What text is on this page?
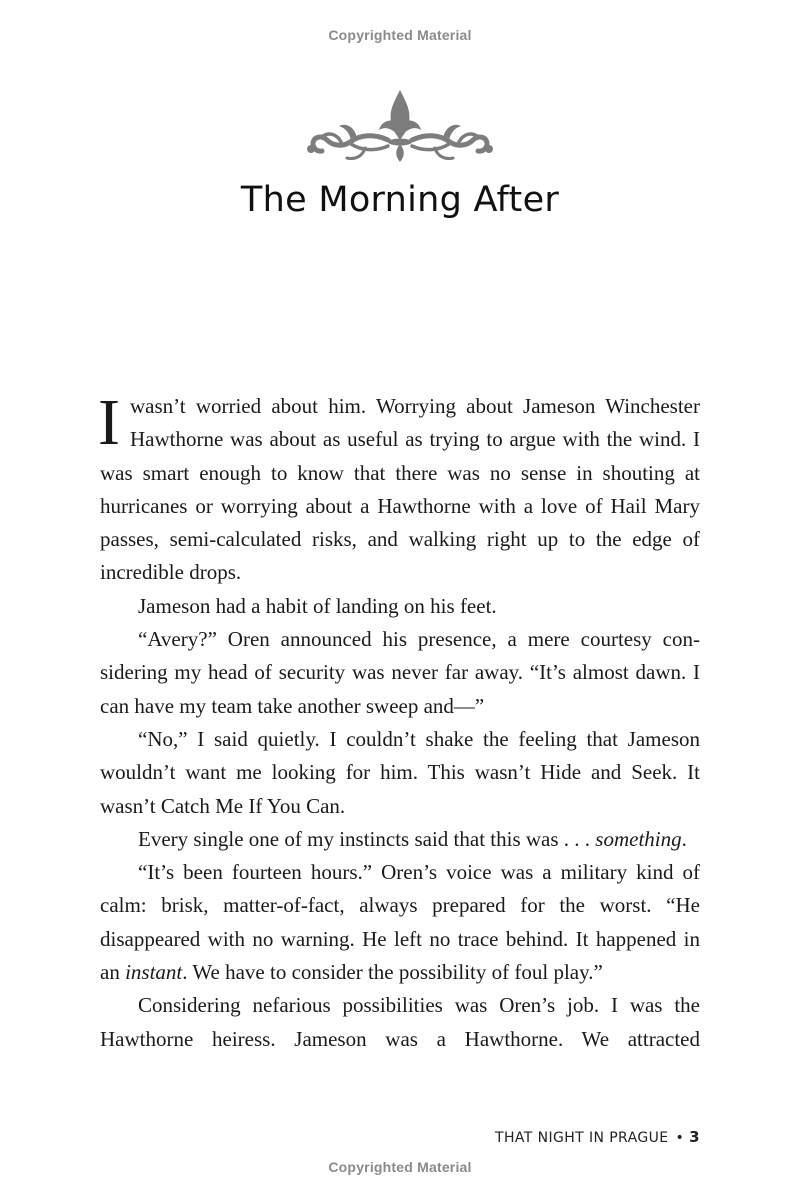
Copyrighted Material
The Morning After

Iwasn’t worried about him. Worrying about Jameson Winchester Hawthorne was about as useful as trying to argue with the wind. I was smart enough to know that there was no sense in shouting at hurricanes or worrying about a Hawthorne with a love of Hail Mary passes, semi-calculated risks, and walking right up to the edge of incredible drops.

Jameson had a habit of landing on his feet.

“Avery?” Oren announced his presence, a mere courtesy considering my head of security was never far away. “It’s almost dawn. I can have my team take another sweep and—”

“No,” I said quietly. I couldn’t shake the feeling that Jameson wouldn’t want me looking for him. This wasn’t Hide and Seek. It wasn’t Catch Me If You Can.

Every single one of my instincts said that this was . . . something.

“It’s been fourteen hours.” Oren’s voice was a military kind of calm: brisk, matter-of-fact, always prepared for the worst. “He disappeared with no warning. He left no trace behind. It happened in an instant. We have to consider the possibility of foul play.”

Considering nefarious possibilities was Oren’s job. I was the Hawthorne heiress. Jameson was a Hawthorne. We attracted

THAT NIGHT IN PRAGUE • 3
Copyrighted Material
